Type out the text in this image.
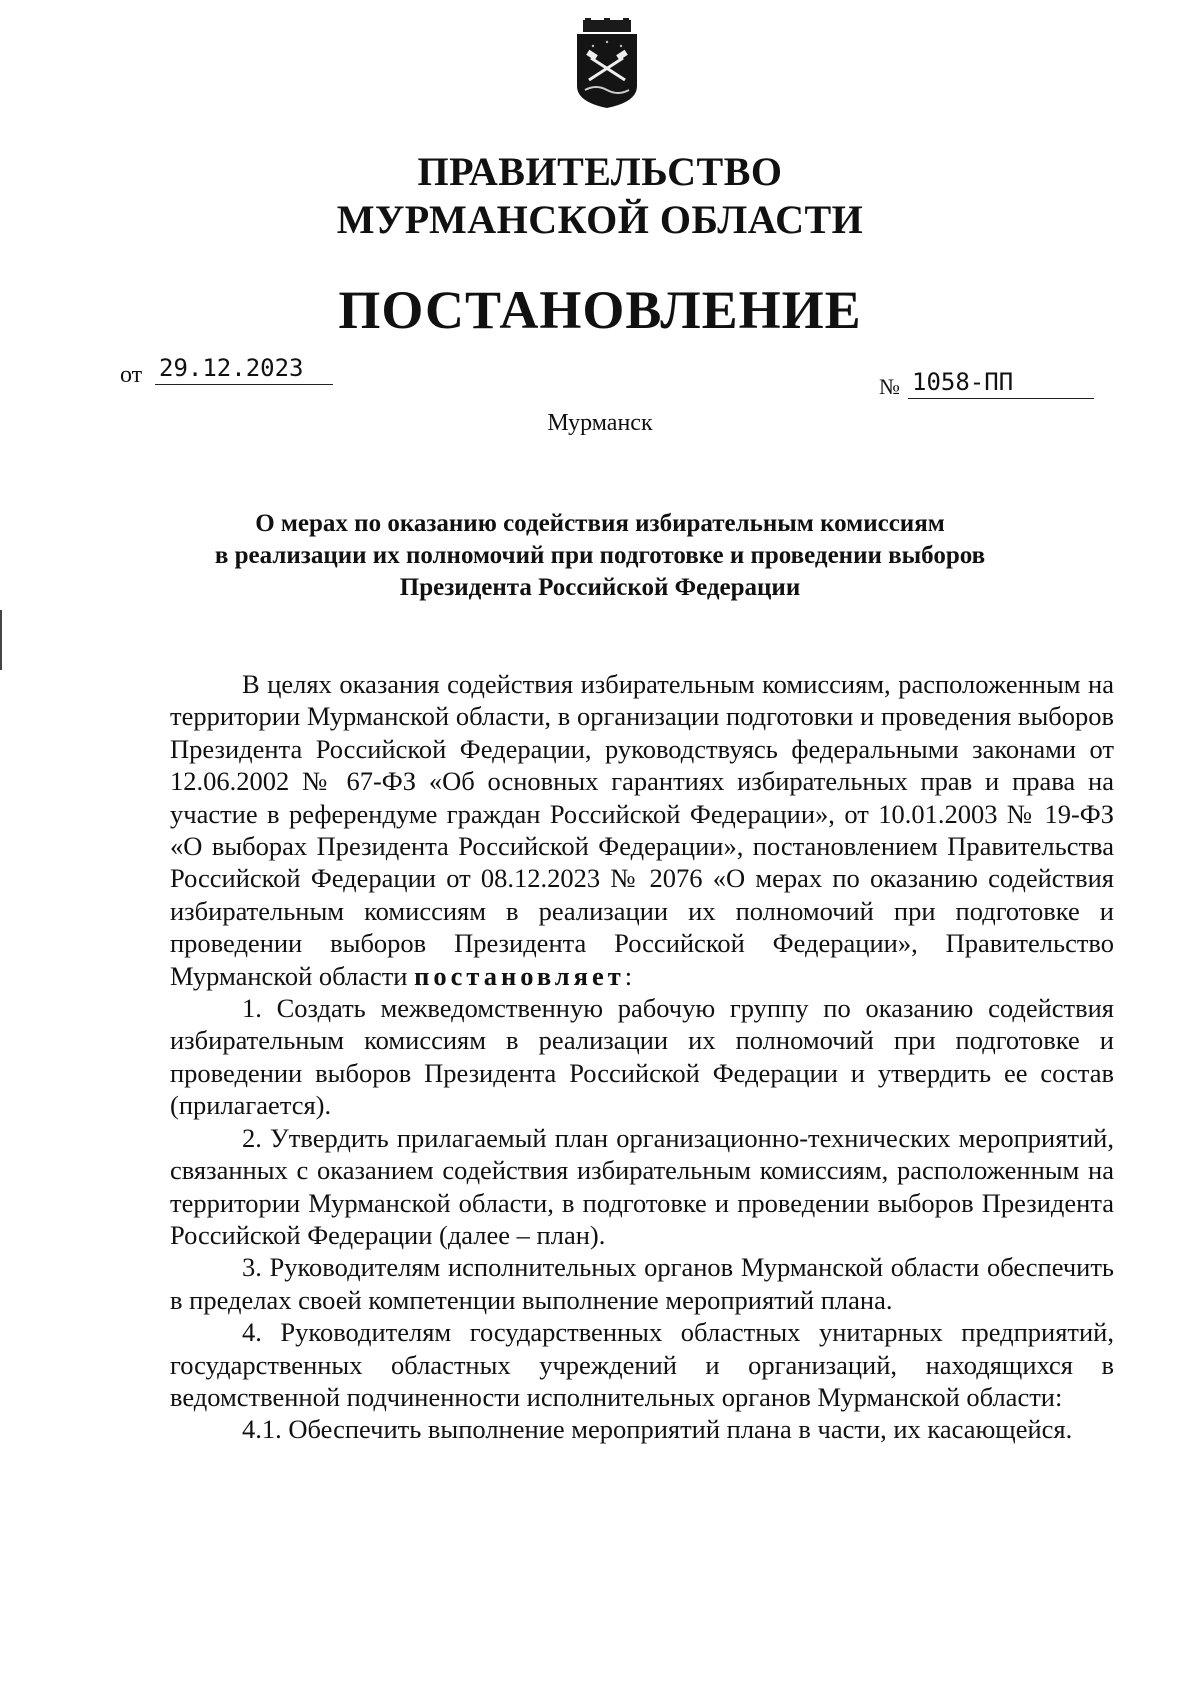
ПРАВИТЕЛЬСТВО
МУРМАНСКОЙ ОБЛАСТИ
ПОСТАНОВЛЕНИЕ
от 29.12.2023
№ 1058-ПП
Мурманск
О мерах по оказанию содействия избирательным комиссиям
в реализации их полномочий при подготовке и проведении выборов
Президента Российской Федерации

В целях оказания содействия избирательным комиссиям, расположенным на территории Мурманской области, в организации подготовки и проведения выборов Президента Российской Федерации, руководствуясь федеральными законами от 12.06.2002 № 67-ФЗ «Об основных гарантиях избирательных прав и права на участие в референдуме граждан Российской Федерации», от 10.01.2003 № 19-ФЗ «О выборах Президента Российской Федерации», постановлением Правительства Российской Федерации от 08.12.2023 № 2076 «О мерах по оказанию содействия избирательным комиссиям в реализации их полномочий при подготовке и проведении выборов Президента Российской Федерации», Правительство Мурманской области постановляет:

1. Создать межведомственную рабочую группу по оказанию содействия избирательным комиссиям в реализации их полномочий при подготовке и проведении выборов Президента Российской Федерации и утвердить ее состав (прилагается).

2. Утвердить прилагаемый план организационно-технических мероприятий, связанных с оказанием содействия избирательным комиссиям, расположенным на территории Мурманской области, в подготовке и проведении выборов Президента Российской Федерации (далее – план).

3. Руководителям исполнительных органов Мурманской области обеспечить в пределах своей компетенции выполнение мероприятий плана.

4. Руководителям государственных областных унитарных предприятий, государственных областных учреждений и организаций, находящихся в ведомственной подчиненности исполнительных органов Мурманской области:

4.1. Обеспечить выполнение мероприятий плана в части, их касающейся.
